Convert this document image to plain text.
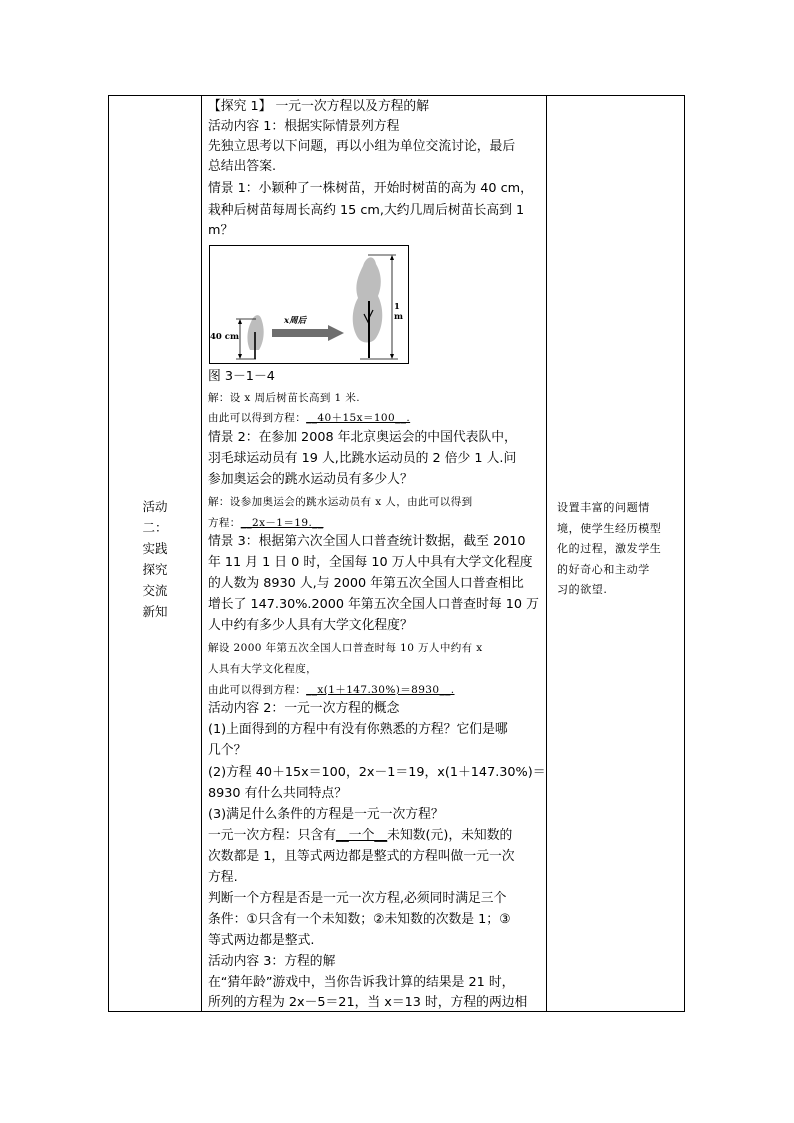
活动
二：
实践
探究
交流
新知
【探究 1】 一元一次方程以及方程的解
活动内容 1：根据实际情景列方程
先独立思考以下问题，再以小组为单位交流讨论，最后
总结出答案.
情景 1：小颖种了一株树苗，开始时树苗的高为 40 cm，
栽种后树苗每周长高约 15 cm,大约几周后树苗长高到 1
m？
40 cm
x周后
1 m
图 3－1－4
解：设 x 周后树苗长高到 1 米.
由此可以得到方程：__40＋15x＝100__.
情景 2：在参加 2008 年北京奥运会的中国代表队中，
羽毛球运动员有 19 人,比跳水运动员的 2 倍少 1 人.问
参加奥运会的跳水运动员有多少人？
解：设参加奥运会的跳水运动员有 x 人，由此可以得到
方程：__2x－1＝19.__
情景 3：根据第六次全国人口普查统计数据，截至 2010
年 11 月 1 日 0 时，全国每 10 万人中具有大学文化程度
的人数为 8930 人,与 2000 年第五次全国人口普查相比
增长了 147.30%.2000 年第五次全国人口普查时每 10 万
人中约有多少人具有大学文化程度？
解设 2000 年第五次全国人口普查时每 10 万人中约有 x
人具有大学文化程度，
由此可以得到方程：__x(1＋147.30%)＝8930__.
活动内容 2：一元一次方程的概念
(1)上面得到的方程中有没有你熟悉的方程？它们是哪
几个？
(2)方程 40＋15x＝100，2x－1＝19，x(1＋147.30%)＝
8930 有什么共同特点？
(3)满足什么条件的方程是一元一次方程？
一元一次方程：只含有__一个__未知数(元)，未知数的
次数都是 1，且等式两边都是整式的方程叫做一元一次
方程.
判断一个方程是否是一元一次方程,必须同时满足三个
条件：①只含有一个未知数；②未知数的次数是 1；③
等式两边都是整式.
活动内容 3：方程的解
在“猜年龄”游戏中，当你告诉我计算的结果是 21 时，
所列的方程为 2x－5＝21，当 x＝13 时，方程的两边相
设置丰富的问题情
境，使学生经历模型
化的过程，激发学生
的好奇心和主动学
习的欲望.
